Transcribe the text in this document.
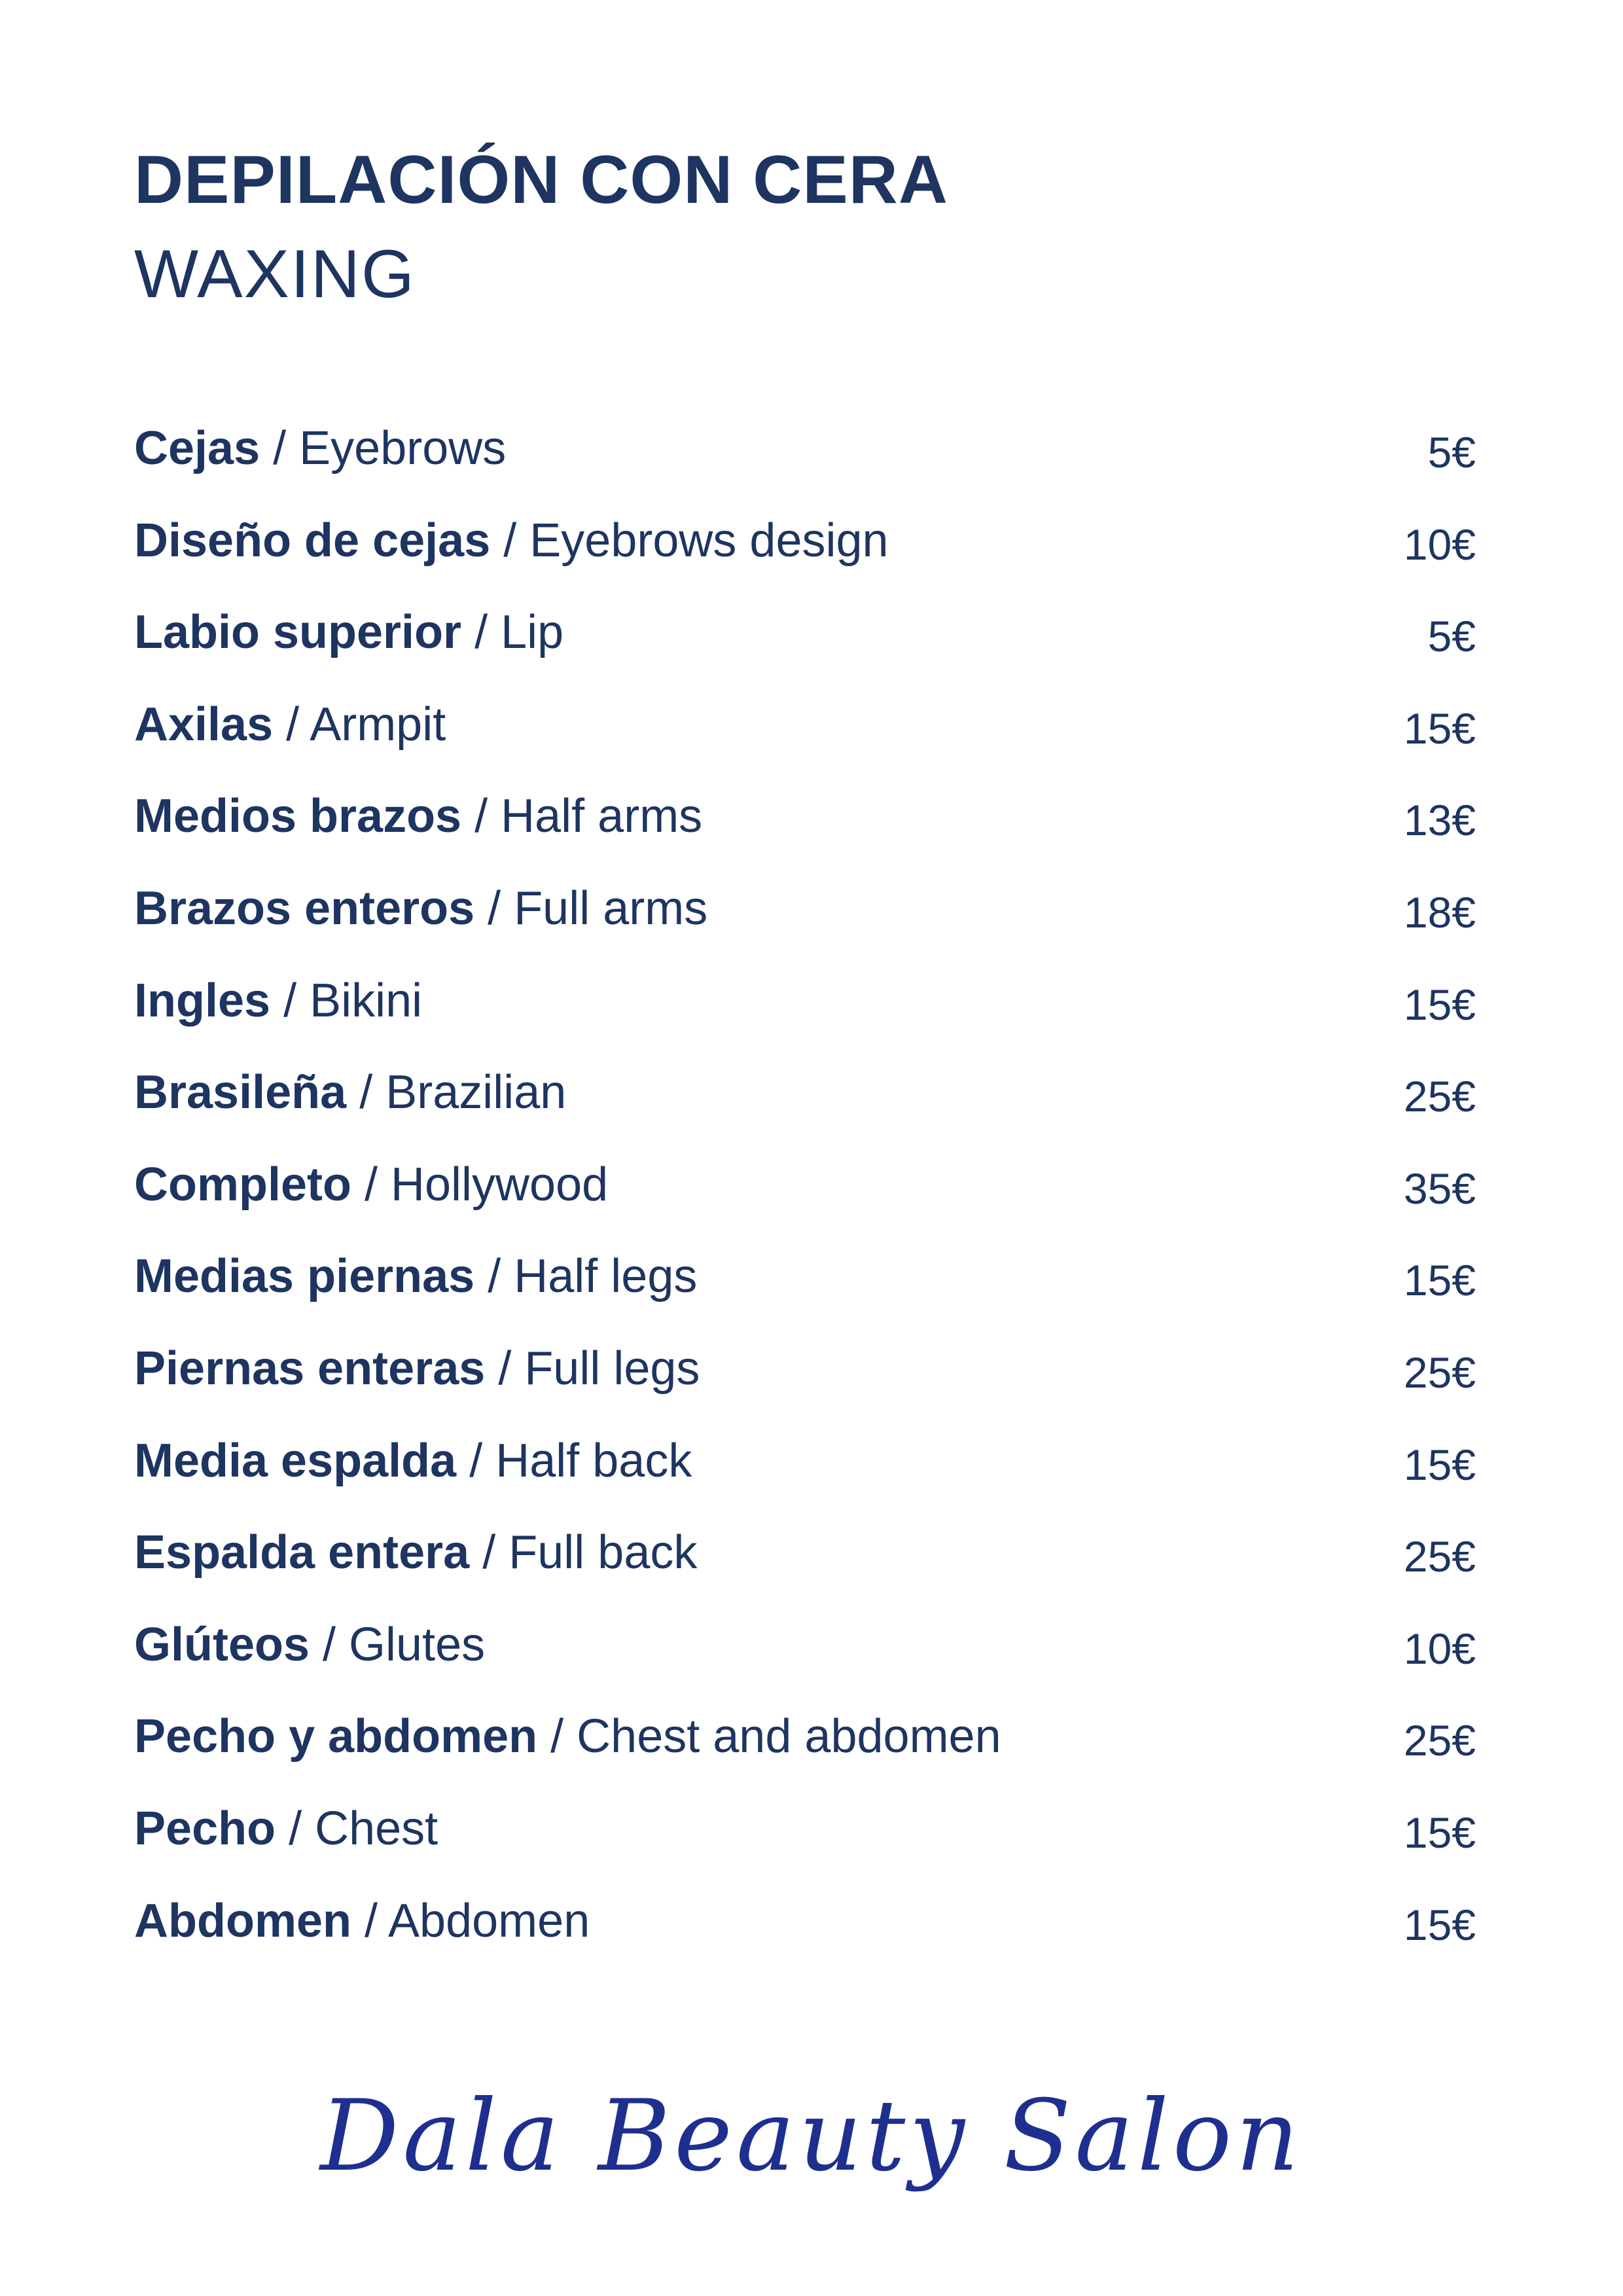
DEPILACIÓN CON CERA
WAXING
Cejas / Eyebrows	5€
Diseño de cejas / Eyebrows design	10€
Labio superior / Lip	5€
Axilas / Armpit	15€
Medios brazos / Half arms	13€
Brazos enteros / Full arms	18€
Ingles / Bikini	15€
Brasileña / Brazilian	25€
Completo / Hollywood	35€
Medias piernas / Half legs	15€
Piernas enteras / Full legs	25€
Media espalda / Half back	15€
Espalda entera / Full back	25€
Glúteos / Glutes	10€
Pecho y abdomen / Chest and abdomen	25€
Pecho / Chest	15€
Abdomen / Abdomen	15€
Dala Beauty Salon
